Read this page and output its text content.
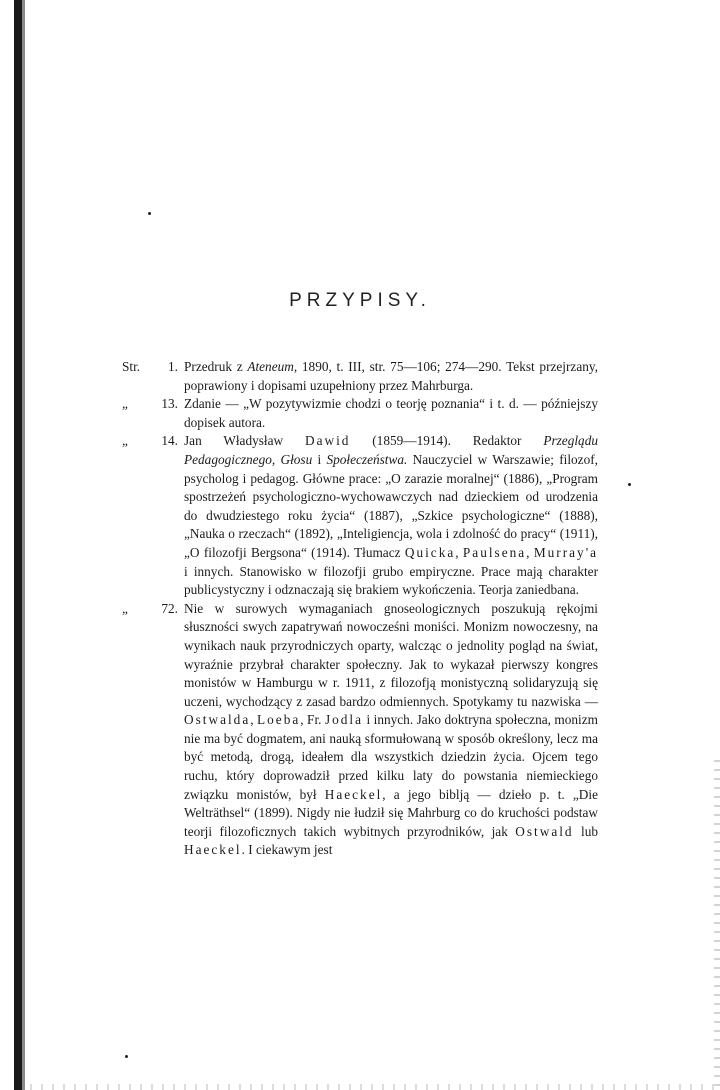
PRZYPISY.
Str.	1. Przedruk z Ateneum, 1890, t. III, str. 75—106; 274—290. Tekst przejrzany, poprawiony i dopisami uzupełniony przez Mahrburga.

„	13. Zdanie — „W pozytywizmie chodzi o teorję poznania“ i t. d. — późniejszy dopisek autora.

„	14. Jan Władysław Dawid (1859—1914). Redaktor Przeglądu Pedagogicznego, Głosu i Społeczeństwa. Nauczyciel w Warszawie; filozof, psycholog i pedagog. Główne prace: „O zarazie moralnej“ (1886), „Program spostrzeżeń psychologiczno-wychowawczych nad dzieckiem od urodzenia do dwudziestego roku życia“ (1887), „Szkice psychologiczne“ (1888), „Nauka o rzeczach“ (1892), „Inteligiencja, wola i zdolność do pracy“ (1911), „O filozofji Bergsona“ (1914). Tłumacz Quicka, Paulsena, Murray'a i innych. Stanowisko w filozofji grubo empiryczne. Prace mają charakter publicystyczny i odznaczają się brakiem wykończenia. Teorja zaniedbana.

„	72. Nie w surowych wymaganiach gnoseologicznych poszukują rękojmi słuszności swych zapatrywań nowocześni moniści. Monizm nowoczesny, na wynikach nauk przyrodniczych oparty, walcząc o jednolity pogląd na świat, wyraźnie przybrał charakter społeczny. Jak to wykazał pierwszy kongres monistów w Hamburgu w r. 1911, z filozofją monistyczną solidaryzują się uczeni, wychodzący z zasad bardzo odmiennych. Spotykamy tu nazwiska — Ostwalda, Loeba, Fr. Jodla i innych. Jako doktryna społeczna, monizm nie ma być dogmatem, ani nauką sformułowaną w sposób określony, lecz ma być metodą, drogą, ideałem dla wszystkich dziedzin życia. Ojcem tego ruchu, który doprowadził przed kilku laty do powstania niemieckiego związku monistów, był Haeckel, a jego biblją — dzieło p. t. „Die Welträthsel“ (1899). Nigdy nie łudził się Mahrburg co do kruchości podstaw teorji filozoficznych takich wybitnych przyrodników, jak Ostwald lub Haeckel. I ciekawym jest
